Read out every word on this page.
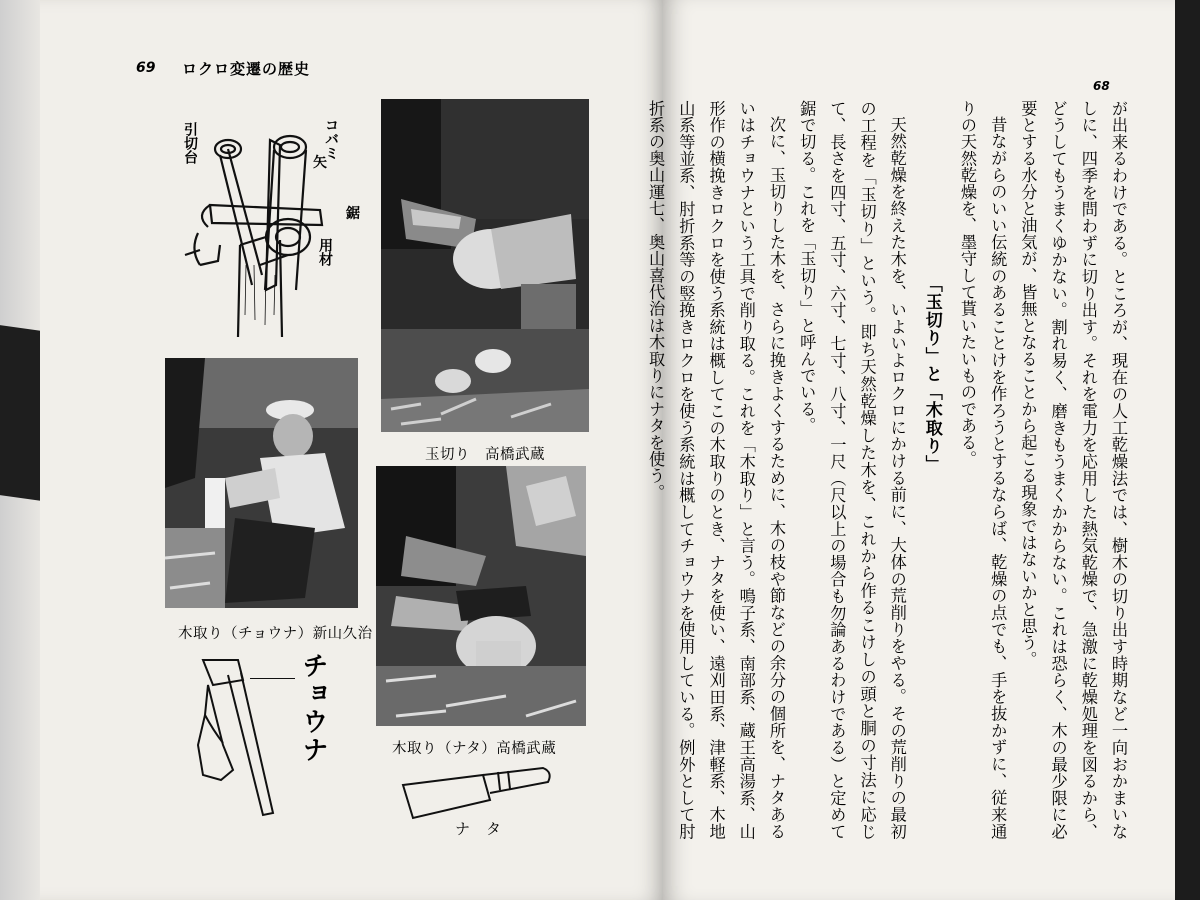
69 ロクロ変遷の歴史
引切台	矢
コバミ
鋸
用材
玉切り　高橋武蔵
木取り（チョウナ）新山久治
木取り（ナタ）高橋武蔵
チョウナ
ナ　タ
68

が出来るわけである。ところが、現在の人工乾燥法では、樹木の切り出す時期など一向おかまいなしに、四季を問わずに切り出す。それを電力を応用した熱気乾燥で、急激に乾燥処理を図るから、どうしてもうまくゆかない。割れ易く、磨きもうまくかからない。これは恐らく、木の最少限に必要とする水分と油気が、皆無となることから起こる現象ではないかと思う。

昔ながらのいい伝統のあることけを作ろうとするならば、乾燥の点でも、手を抜かずに、従来通りの天然乾燥を、墨守して貰いたいものである。

「玉切り」と「木取り」

天然乾燥を終えた木を、いよいよロクロにかける前に、大体の荒削りをやる。その荒削りの最初の工程を「玉切り」という。即ち天然乾燥した木を、これから作るこけしの頭と胴の寸法に応じて、長さを四寸、五寸、六寸、七寸、八寸、一尺（尺以上の場合も勿論あるわけである）と定めて鋸で切る。これを「玉切り」と呼んでいる。

次に、玉切りした木を、さらに挽きよくするために、木の枝や節などの余分の個所を、ナタあるいはチョウナという工具で削り取る。これを「木取り」と言う。鳴子系、南部系、蔵王高湯系、山形作の横挽きロクロを使う系統は概してこの木取りのとき、ナタを使い、遠刈田系、津軽系、木地山系等並系、肘折系等の竪挽きロクロを使う系統は概してチョウナを使用している。例外として肘折系の奥山運七、奥山喜代治は木取りにナタを使う。
